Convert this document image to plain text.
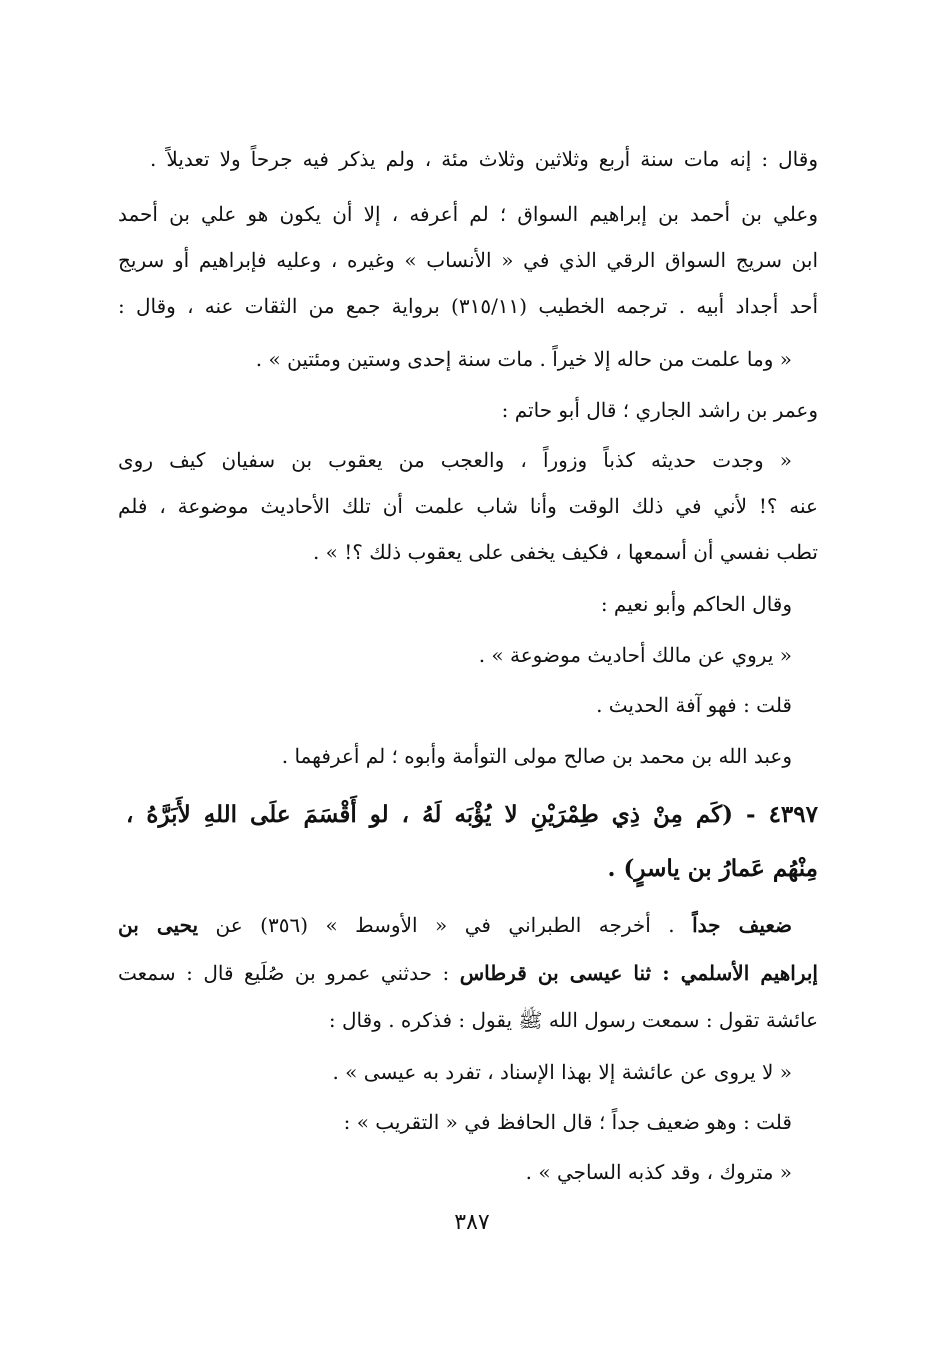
وقال : إنه مات سنة أربع وثلاثين وثلاث مئة ، ولم يذكر فيه جرحاً ولا تعديلاً .
وعلي بن أحمد بن إبراهيم السواق ؛ لم أعرفه ، إلا أن يكون هو علي بن أحمد
ابن سريج السواق الرقي الذي في « الأنساب » وغيره ، وعليه فإبراهيم أو سريج
أحد أجداد أبيه . ترجمه الخطيب (٣١٥/١١) برواية جمع من الثقات عنه ، وقال :
« وما علمت من حاله إلا خيراً . مات سنة إحدى وستين ومئتين » .
وعمر بن راشد الجاري ؛ قال أبو حاتم :
« وجدت حديثه كذباً وزوراً ، والعجب من يعقوب بن سفيان كيف روى
عنه ؟! لأني في ذلك الوقت وأنا شاب علمت أن تلك الأحاديث موضوعة ، فلم
تطب نفسي أن أسمعها ، فكيف يخفى على يعقوب ذلك ؟! » .
وقال الحاكم وأبو نعيم :
« يروي عن مالك أحاديث موضوعة » .
قلت : فهو آفة الحديث .
وعبد الله بن محمد بن صالح مولى التوأمة وأبوه ؛ لم أعرفهما .
٤٣٩٧ - (كَم مِنْ ذِي طِمْرَيْنِ لا يُؤْبَه لَهُ ، لو أَقْسَمَ علَى اللهِ لأَبَرَّهُ ،
مِنْهُم عَمارُ بن ياسرٍ) .
ضعيف جداً . أخرجه الطبراني في « الأوسط » (٣٥٦) عن يحيى بن
إبراهيم الأسلمي : ثنا عيسى بن قرطاس : حدثني عمرو بن صُلَيع قال : سمعت
عائشة تقول : سمعت رسول الله ﷺ يقول : فذكره . وقال :
« لا يروى عن عائشة إلا بهذا الإسناد ، تفرد به عيسى » .
قلت : وهو ضعيف جداً ؛ قال الحافظ في « التقريب » :
« متروك ، وقد كذبه الساجي » .
٣٨٧
